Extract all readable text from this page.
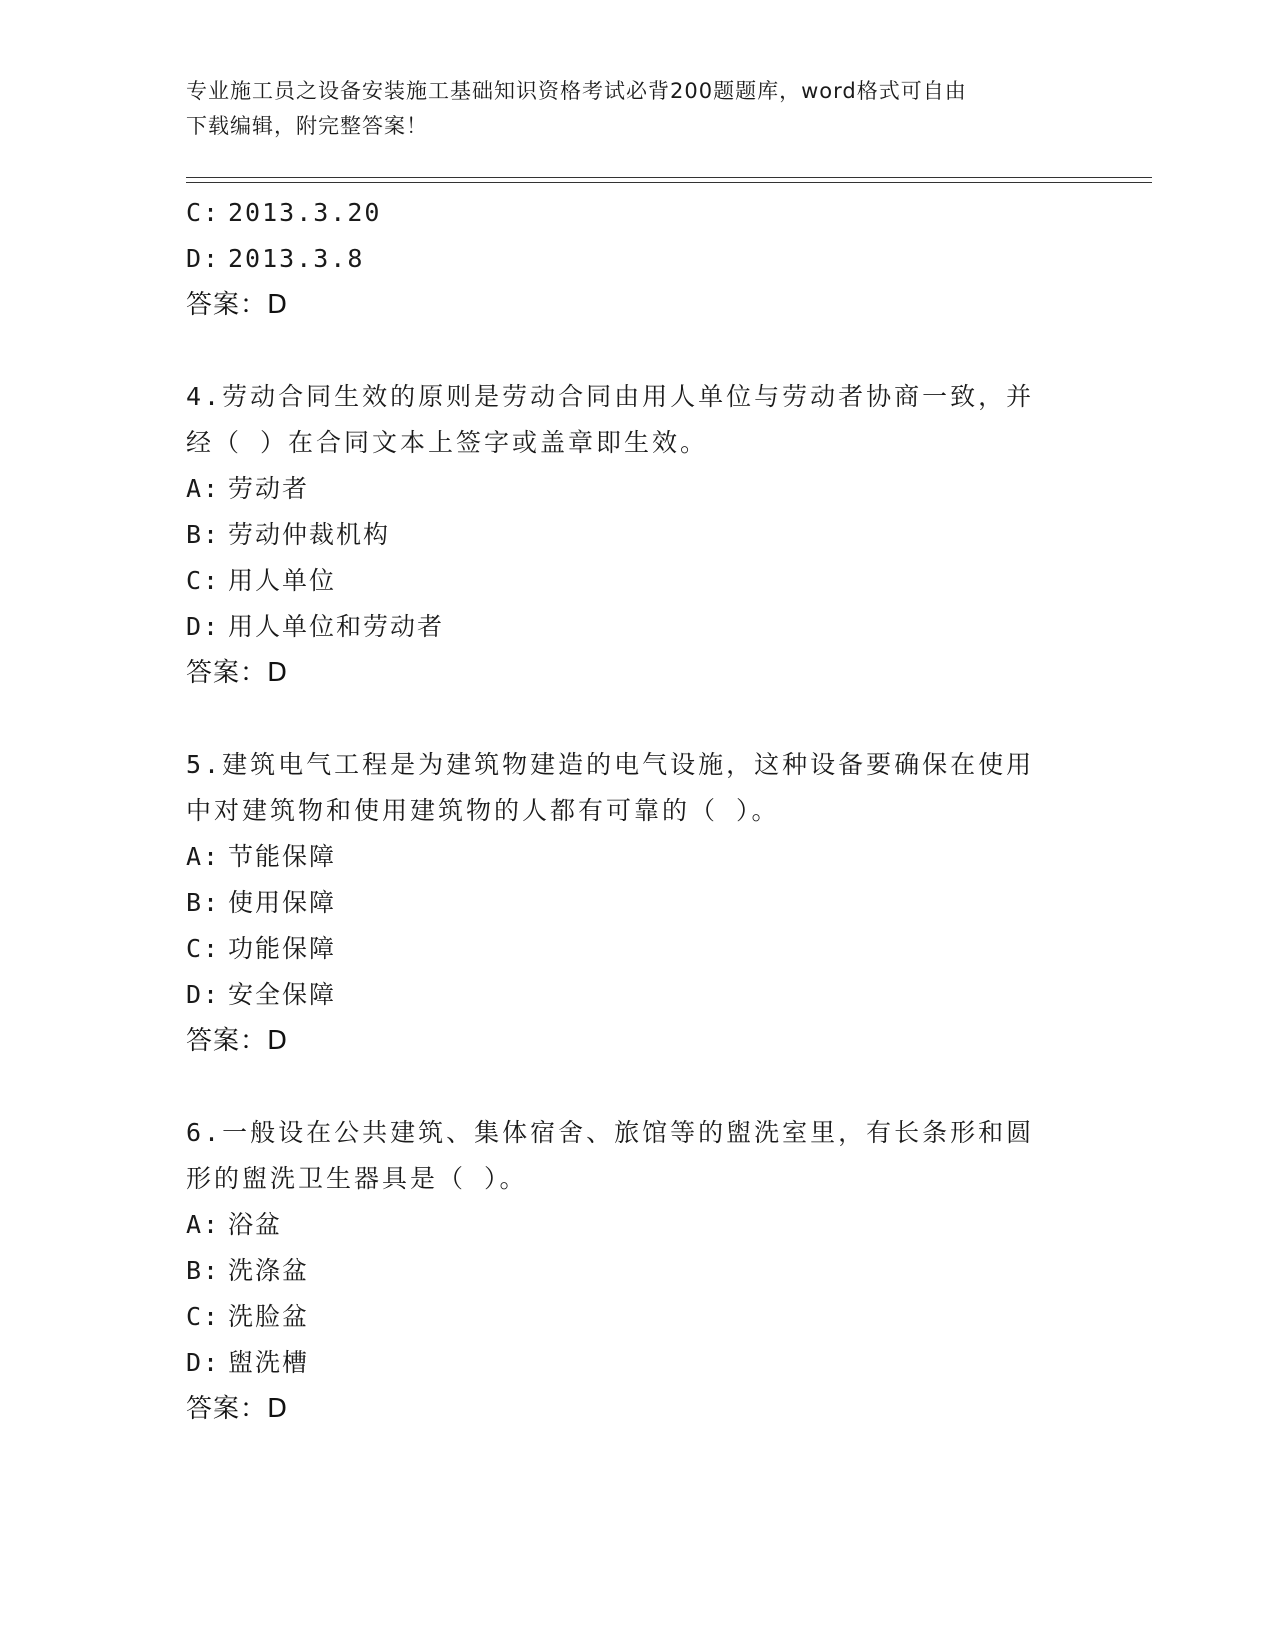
专业施工员之设备安装施工基础知识资格考试必背200题题库，word格式可自由
下载编辑，附完整答案！
C: 2013.3.20
D: 2013.3.8
答案：D
4.劳动合同生效的原则是劳动合同由用人单位与劳动者协商一致，并
经（ ）在合同文本上签字或盖章即生效。
A: 劳动者
B: 劳动仲裁机构
C: 用人单位
D: 用人单位和劳动者
答案：D
5.建筑电气工程是为建筑物建造的电气设施，这种设备要确保在使用
中对建筑物和使用建筑物的人都有可靠的（ ）。
A: 节能保障
B: 使用保障
C: 功能保障
D: 安全保障
答案：D
6.一般设在公共建筑、集体宿舍、旅馆等的盥洗室里，有长条形和圆
形的盥洗卫生器具是（ ）。
A: 浴盆
B: 洗涤盆
C: 洗脸盆
D: 盥洗槽
答案：D
